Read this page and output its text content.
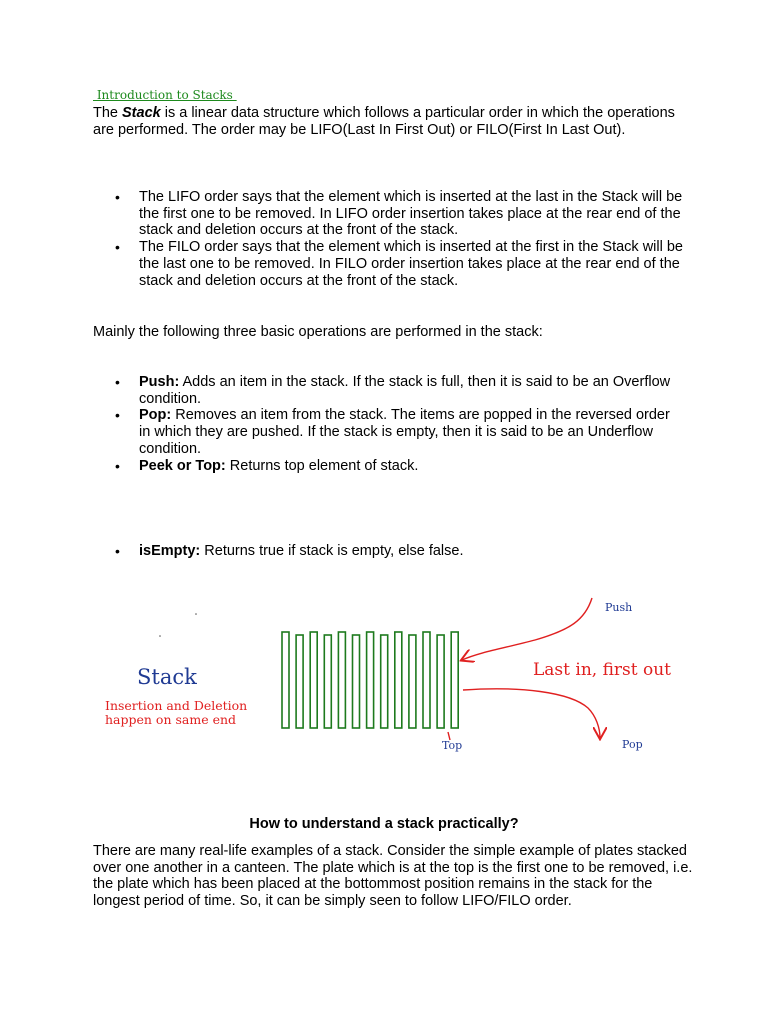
Introduction to Stacks
The Stack is a linear data structure which follows a particular order in which the operations are performed. The order may be LIFO(Last In First Out) or FILO(First In Last Out).
• The LIFO order says that the element which is inserted at the last in the Stack will be the first one to be removed. In LIFO order insertion takes place at the rear end of the stack and deletion occurs at the front of the stack.
• The FILO order says that the element which is inserted at the first in the Stack will be the last one to be removed. In FILO order insertion takes place at the rear end of the stack and deletion occurs at the front of the stack.
Mainly the following three basic operations are performed in the stack:
• Push: Adds an item in the stack. If the stack is full, then it is said to be an Overflow condition.
• Pop: Removes an item from the stack. The items are popped in the reversed order in which they are pushed. If the stack is empty, then it is said to be an Underflow condition.
• Peek or Top: Returns top element of stack.
• isEmpty: Returns true if stack is empty, else false.
Stack
Insertion and Deletion
happen on same end
Push
Last in, first out
Pop
Top
How to understand a stack practically?
There are many real-life examples of a stack. Consider the simple example of plates stacked over one another in a canteen. The plate which is at the top is the first one to be removed, i.e. the plate which has been placed at the bottommost position remains in the stack for the longest period of time. So, it can be simply seen to follow LIFO/FILO order.
